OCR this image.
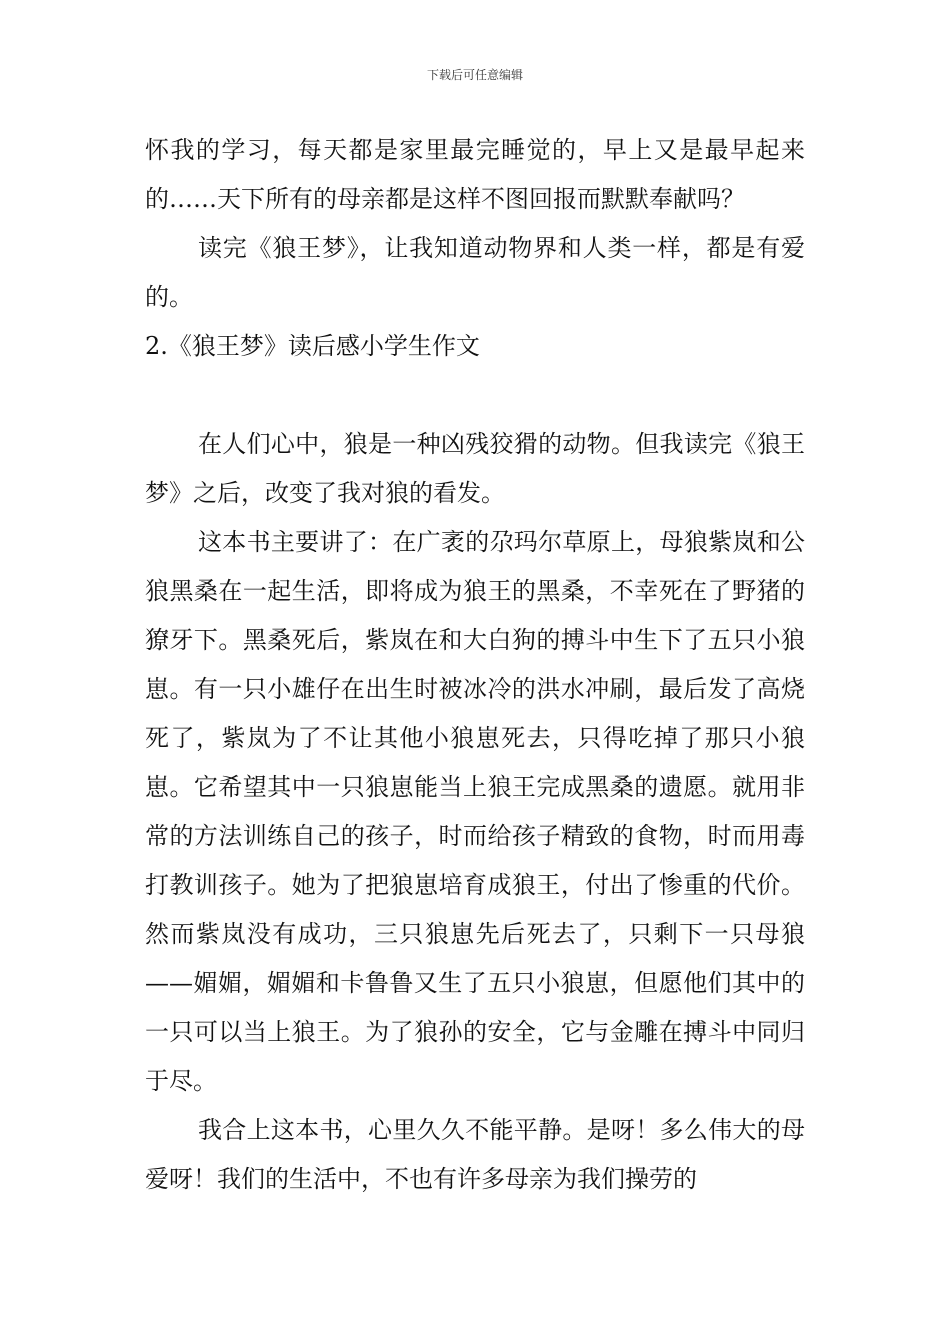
下载后可任意编辑

怀我的学习，每天都是家里最完睡觉的，早上又是最早起来的……天下所有的母亲都是这样不图回报而默默奉献吗？

读完《狼王梦》，让我知道动物界和人类一样，都是有爱的。

2.《狼王梦》读后感小学生作文

在人们心中，狼是一种凶残狡猾的动物。但我读完《狼王梦》之后，改变了我对狼的看发。

这本书主要讲了：在广袤的尕玛尔草原上，母狼紫岚和公狼黑桑在一起生活，即将成为狼王的黑桑，不幸死在了野猪的獠牙下。黑桑死后，紫岚在和大白狗的搏斗中生下了五只小狼崽。有一只小雄仔在出生时被冰冷的洪水冲刷，最后发了高烧死了，紫岚为了不让其他小狼崽死去，只得吃掉了那只小狼崽。它希望其中一只狼崽能当上狼王完成黑桑的遗愿。就用非常的方法训练自己的孩子，时而给孩子精致的食物，时而用毒打教训孩子。她为了把狼崽培育成狼王，付出了惨重的代价。然而紫岚没有成功，三只狼崽先后死去了，只剩下一只母狼——媚媚，媚媚和卡鲁鲁又生了五只小狼崽，但愿他们其中的一只可以当上狼王。为了狼孙的安全，它与金雕在搏斗中同归于尽。

我合上这本书，心里久久不能平静。是呀！多么伟大的母爱呀！我们的生活中，不也有许多母亲为我们操劳的
